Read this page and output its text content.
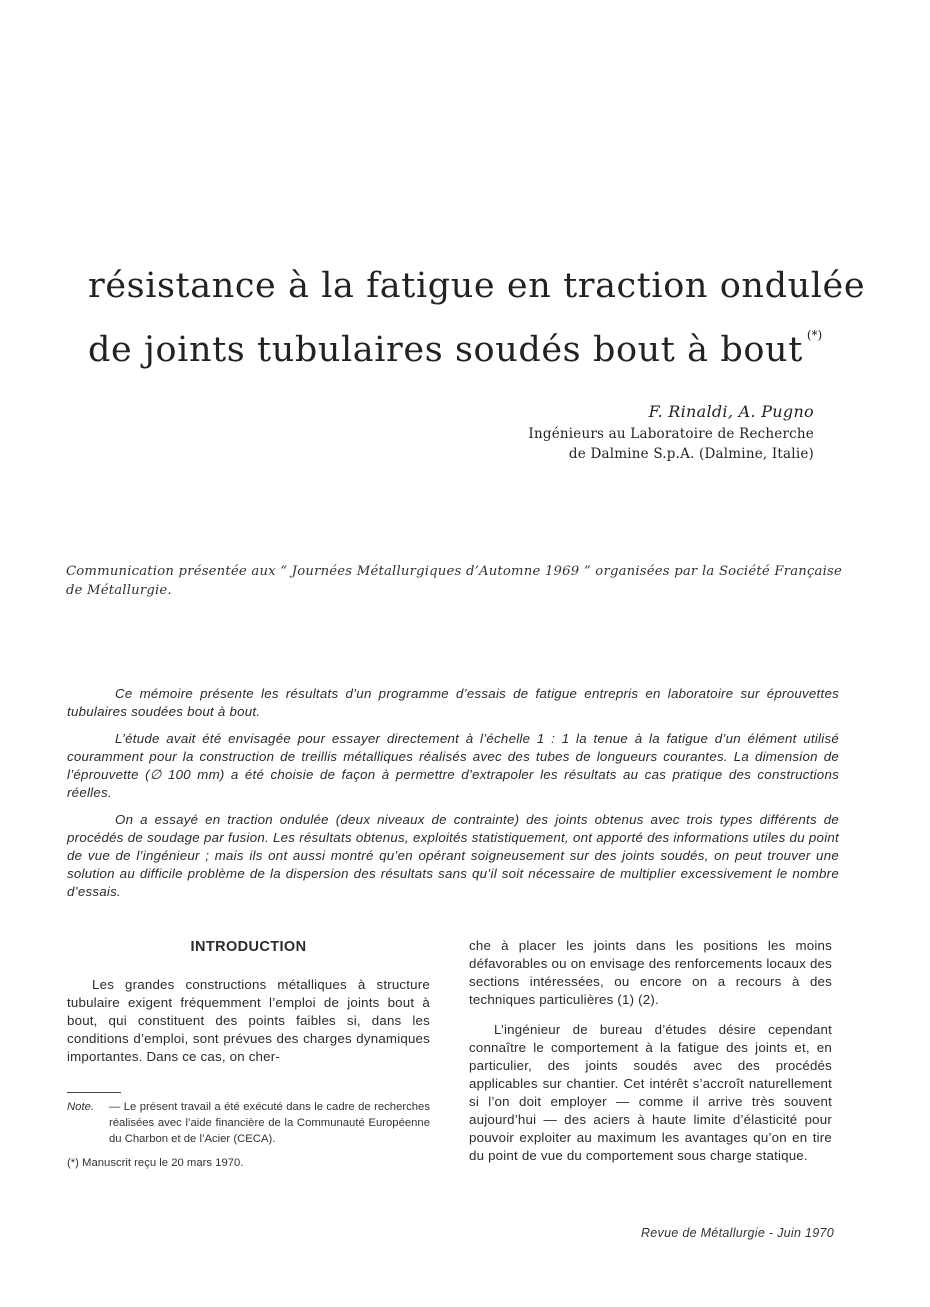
résistance à la fatigue en traction ondulée
de joints tubulaires soudés bout à bout (*)
F. Rinaldi, A. Pugno
Ingénieurs au Laboratoire de Recherche
de Dalmine S.p.A. (Dalmine, Italie)

Communication présentée aux “ Journées Métallurgiques d’Automne 1969 ” organisées par la Société Française de Métallurgie.

Ce mémoire présente les résultats d’un programme d’essais de fatigue entrepris en laboratoire sur éprouvettes tubulaires soudées bout à bout.

L’étude avait été envisagée pour essayer directement à l’échelle 1 : 1 la tenue à la fatigue d’un élément utilisé couramment pour la construction de treillis métalliques réalisés avec des tubes de longueurs courantes. La dimension de l’éprouvette (∅ 100 mm) a été choisie de façon à permettre d’extrapoler les résultats au cas pratique des constructions réelles.

On a essayé en traction ondulée (deux niveaux de contrainte) des joints obtenus avec trois types différents de procédés de soudage par fusion. Les résultats obtenus, exploités statistiquement, ont apporté des informations utiles du point de vue de l’ingénieur ; mais ils ont aussi montré qu’en opérant soigneusement sur des joints soudés, on peut trouver une solution au difficile problème de la dispersion des résultats sans qu’il soit nécessaire de multiplier excessivement le nombre d’essais.

INTRODUCTION

Les grandes constructions métalliques à structure tubulaire exigent fréquemment l’emploi de joints bout à bout, qui constituent des points faibles si, dans les conditions d’emploi, sont prévues des charges dynamiques importantes. Dans ce cas, on cher-

Note.	— Le présent travail a été exécuté dans le cadre de recherches réalisées avec l’aide financière de la Communauté Européenne du Charbon et de l’Acier (CECA).
(*) Manuscrit reçu le 20 mars 1970.

che à placer les joints dans les positions les moins défavorables ou on envisage des renforcements locaux des sections intéressées, ou encore on a recours à des techniques particulières (1) (2).

L’ingénieur de bureau d’études désire cependant connaître le comportement à la fatigue des joints et, en particulier, des joints soudés avec des procédés applicables sur chantier. Cet intérêt s’accroît naturellement si l’on doit employer — comme il arrive très souvent aujourd’hui — des aciers à haute limite d’élasticité pour pouvoir exploiter au maximum les avantages qu’on en tire du point de vue du comportement sous charge statique.

Revue de Métallurgie - Juin 1970
